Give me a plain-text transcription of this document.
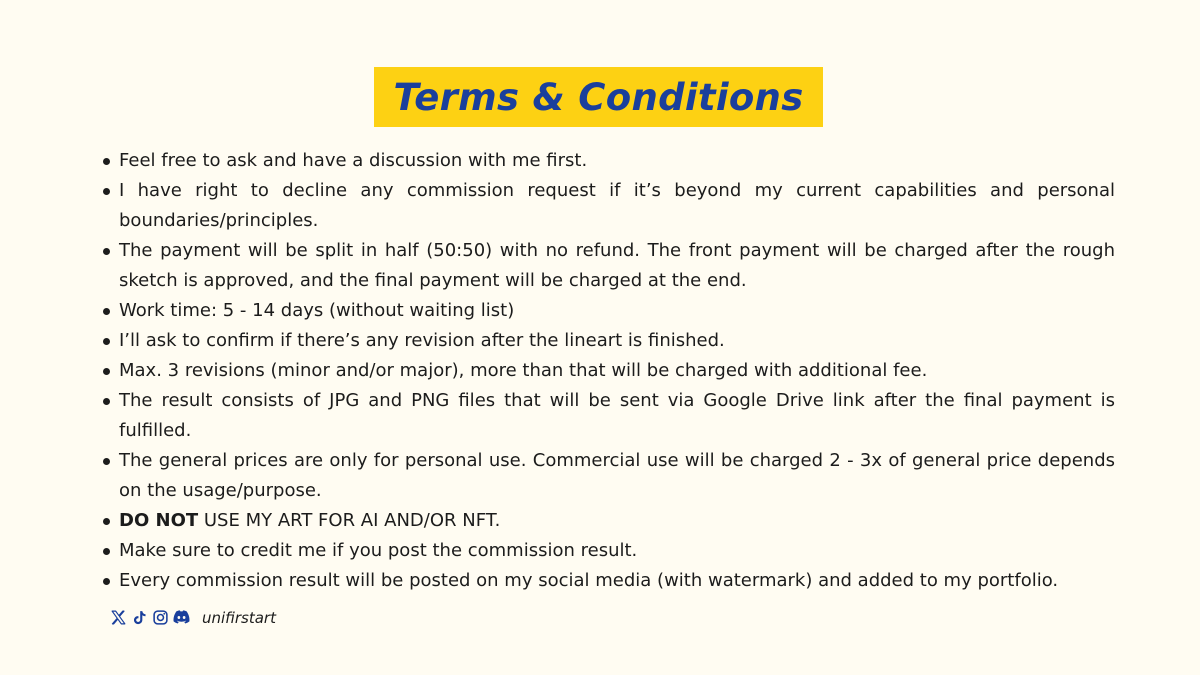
Terms & Conditions
Feel free to ask and have a discussion with me first.
I have right to decline any commission request if it’s beyond my current capabilities and personal boundaries/principles.
The payment will be split in half (50:50) with no refund. The front payment will be charged after the rough sketch is approved, and the final payment will be charged at the end.
Work time: 5 - 14 days (without waiting list)
I’ll ask to confirm if there’s any revision after the lineart is finished.
Max. 3 revisions (minor and/or major), more than that will be charged with additional fee.
The result consists of JPG and PNG files that will be sent via Google Drive link after the final payment is fulfilled.
The general prices are only for personal use. Commercial use will be charged 2 - 3x of general price depends on the usage/purpose.
DO NOT USE MY ART FOR AI AND/OR NFT.
Make sure to credit me if you post the commission result.
Every commission result will be posted on my social media (with watermark) and added to my portfolio.
unifirstart
